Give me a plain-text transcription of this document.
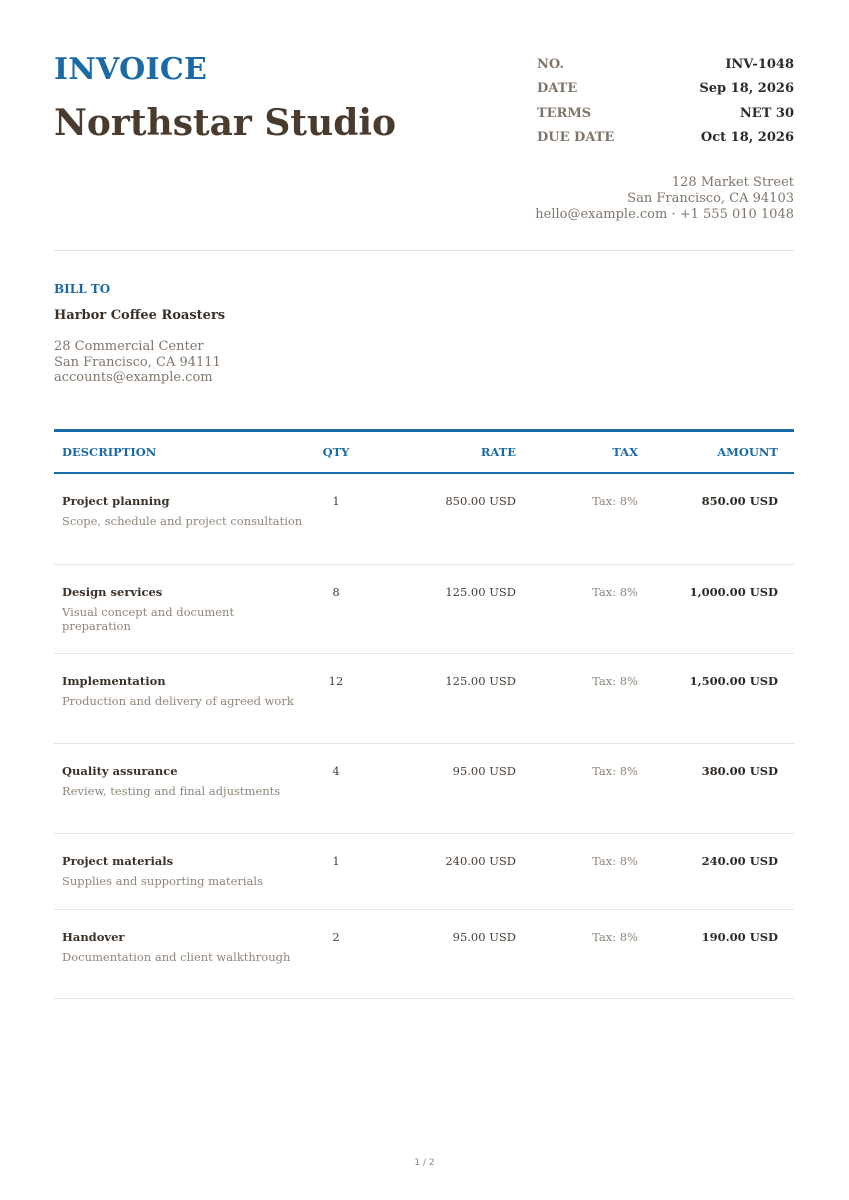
INVOICE
Northstar Studio
NO.	INV-1048
DATE	Sep 18, 2026
TERMS	NET 30
DUE DATE	Oct 18, 2026
128 Market Street
San Francisco, CA 94103
hello@example.com · +1 555 010 1048
BILL TO
Harbor Coffee Roasters
28 Commercial Center
San Francisco, CA 94111
accounts@example.com
DESCRIPTION	QTY	RATE	TAX	AMOUNT
Project planning
Scope, schedule and project consultation
1	850.00 USD	Tax: 8%	850.00 USD
Design services
Visual concept and document preparation
8	125.00 USD	Tax: 8%	1,000.00 USD
Implementation
Production and delivery of agreed work
12	125.00 USD	Tax: 8%	1,500.00 USD
Quality assurance
Review, testing and final adjustments
4	95.00 USD	Tax: 8%	380.00 USD
Project materials
Supplies and supporting materials
1	240.00 USD	Tax: 8%	240.00 USD
Handover
Documentation and client walkthrough
2	95.00 USD	Tax: 8%	190.00 USD
1 / 2
